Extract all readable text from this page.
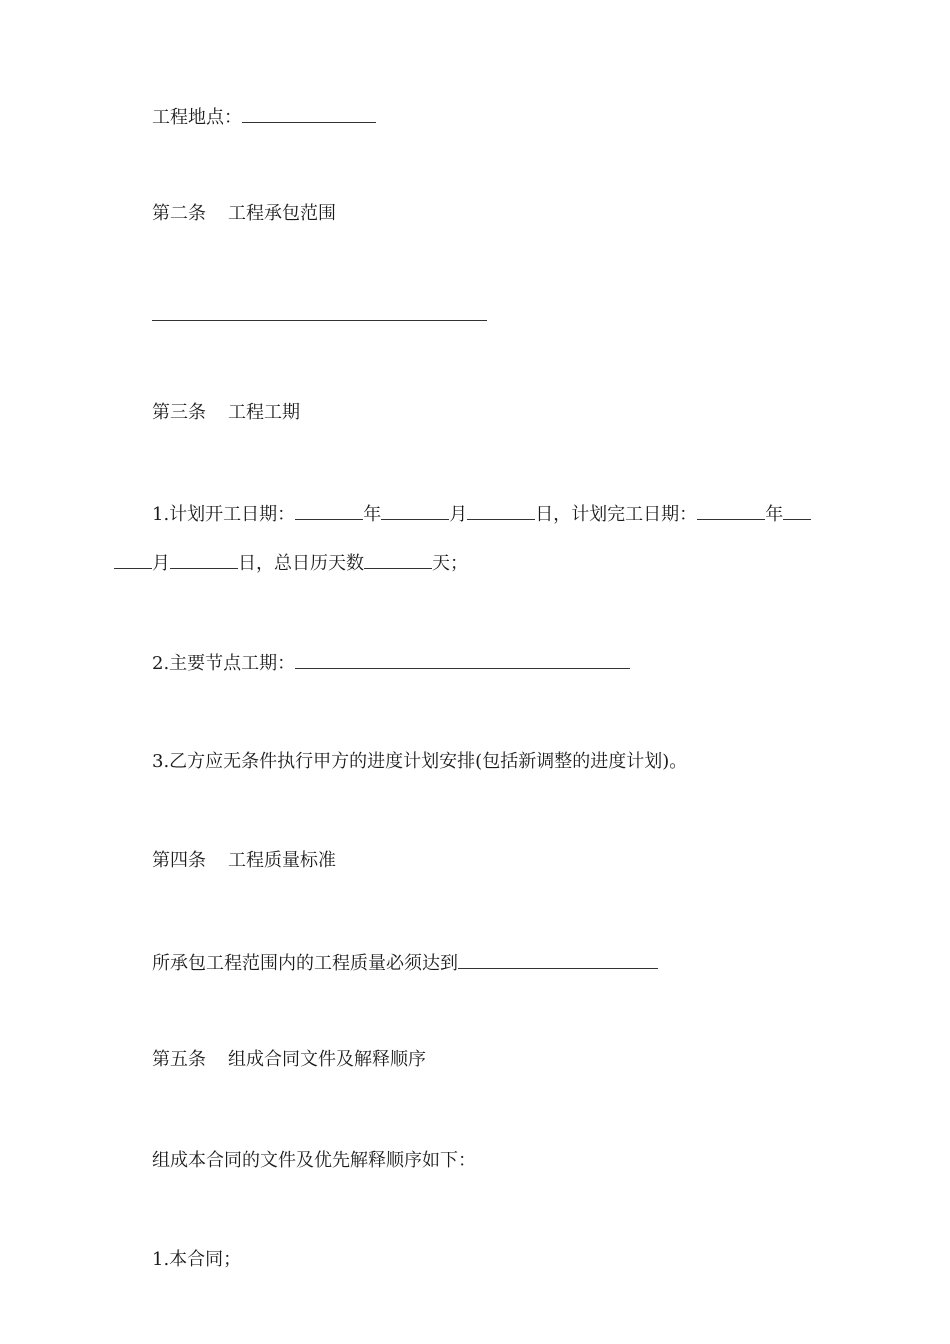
工程地点：
第二条 工程承包范围
第三条 工程工期
1.计划开工日期：	年	月	日，计划完工日期：	年
月	日，总日历天数	天；
2.主要节点工期：
3.乙方应无条件执行甲方的进度计划安排(包括新调整的进度计划)。
第四条 工程质量标准
所承包工程范围内的工程质量必须达到
第五条 组成合同文件及解释顺序
组成本合同的文件及优先解释顺序如下：
1.本合同；
